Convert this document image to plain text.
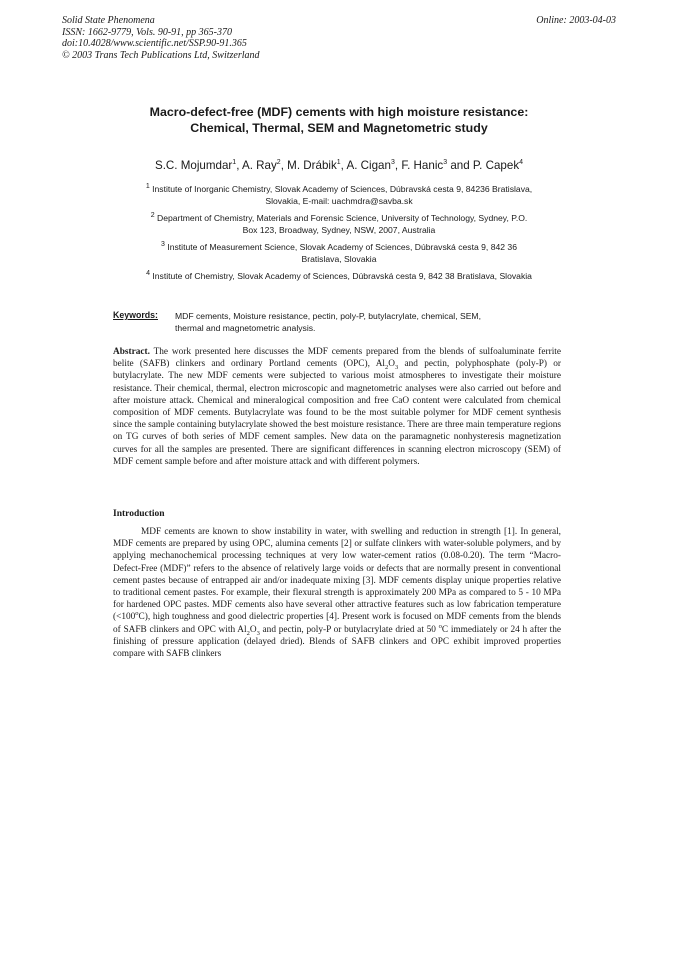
Solid State Phenomena
ISSN: 1662-9779, Vols. 90-91, pp 365-370
doi:10.4028/www.scientific.net/SSP.90-91.365
© 2003 Trans Tech Publications Ltd, Switzerland
Online: 2003-04-03
Macro-defect-free (MDF) cements with high moisture resistance:
Chemical, Thermal, SEM and Magnetometric study
S.C. Mojumdar$^1$, A. Ray$^2$, M. Drábik$^1$, A. Cigan$^3$, F. Hanic$^3$ and P. Capek$^4$
$^1$ Institute of Inorganic Chemistry, Slovak Academy of Sciences, Dúbravská cesta 9, 84236 Bratislava,
Slovakia, E-mail: uachmdra@savba.sk
$^2$ Department of Chemistry, Materials and Forensic Science, University of Technology, Sydney, P.O.
Box 123, Broadway, Sydney, NSW, 2007, Australia
$^3$ Institute of Measurement Science, Slovak Academy of Sciences, Dúbravská cesta 9, 842 36
Bratislava, Slovakia
$^4$ Institute of Chemistry, Slovak Academy of Sciences, Dúbravská cesta 9, 842 38 Bratislava, Slovakia
Keywords: MDF cements, Moisture resistance, pectin, poly-P, butylacrylate, chemical, SEM,
thermal and magnetometric analysis.
Abstract. The work presented here discusses the MDF cements prepared from the blends of sulfoaluminate ferrite belite (SAFB) clinkers and ordinary Portland cements (OPC), $Al_2O_3$ and pectin, polyphosphate (poly-P) or butylacrylate. The new MDF cements were subjected to various moist atmospheres to investigate their moisture resistance. Their chemical, thermal, electron microscopic and magnetometric analyses were also carried out before and after moisture attack. Chemical and mineralogical composition and free CaO content were calculated from chemical composition of MDF cements. Butylacrylate was found to be the most suitable polymer for MDF cement synthesis since the sample containing butylacrylate showed the best moisture resistance. There are three main temperature regions on TG curves of both series of MDF cement samples. New data on the paramagnetic nonhysteresis magnetization curves for all the samples are presented. There are significant differences in scanning electron microscopy (SEM) of MDF cement sample before and after moisture attack and with different polymers.
Introduction
MDF cements are known to show instability in water, with swelling and reduction in strength [1]. In general, MDF cements are prepared by using OPC, alumina cements [2] or sulfate clinkers with water-soluble polymers, and by applying mechanochemical processing techniques at very low water-cement ratios (0.08-0.20). The term “Macro-Defect-Free (MDF)” refers to the absence of relatively large voids or defects that are normally present in conventional cement pastes because of entrapped air and/or inadequate mixing [3]. MDF cements display unique properties relative to traditional cement pastes. For example, their flexural strength is approximately 200 MPa as compared to 5 - 10 MPa for hardened OPC pastes. MDF cements also have several other attractive features such as low fabrication temperature $(<100^oC)$, high toughness and good dielectric properties [4]. Present work is focused on MDF cements from the blends of SAFB clinkers and OPC with $Al_2O_3$ and pectin, poly-P or butylacrylate dried at 50 $^o$C immediately or 24 h after the finishing of pressure application (delayed dried). Blends of SAFB clinkers and OPC exhibit improved properties compare with SAFB clinkers
